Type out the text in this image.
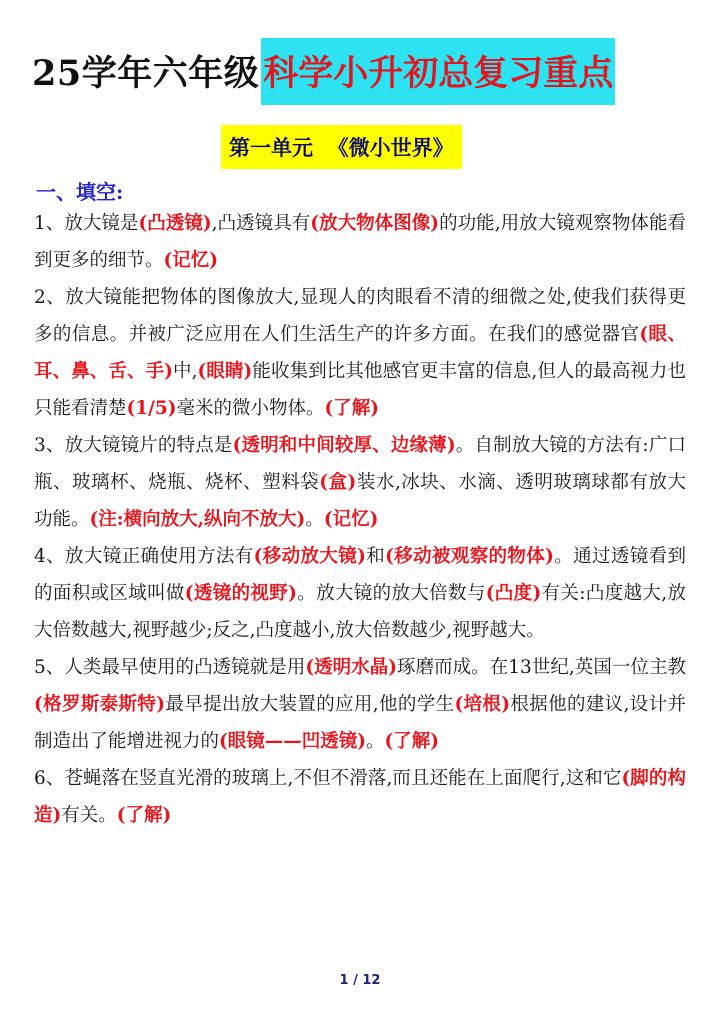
25学年六年级 科学小升初总复习重点
第一单元  《微小世界》
一、填空:

1、放大镜是(凸透镜),凸透镜具有(放大物体图像)的功能,用放大镜观察物体能看到更多的细节。(记忆)

2、放大镜能把物体的图像放大,显现人的肉眼看不清的细微之处,使我们获得更多的信息。并被广泛应用在人们生活生产的许多方面。在我们的感觉器官(眼、耳、鼻、舌、手)中,(眼睛)能收集到比其他感官更丰富的信息,但人的最高视力也只能看清楚(1/5)毫米的微小物体。(了解)

3、放大镜镜片的特点是(透明和中间较厚、边缘薄)。自制放大镜的方法有:广口瓶、玻璃杯、烧瓶、烧杯、塑料袋(盒)装水,冰块、水滴、透明玻璃球都有放大功能。(注:横向放大,纵向不放大)。(记忆)

4、放大镜正确使用方法有(移动放大镜)和(移动被观察的物体)。通过透镜看到的面积或区域叫做(透镜的视野)。放大镜的放大倍数与(凸度)有关:凸度越大,放大倍数越大,视野越少;反之,凸度越小,放大倍数越少,视野越大。

5、人类最早使用的凸透镜就是用(透明水晶)琢磨而成。在13世纪,英国一位主教(格罗斯泰斯特)最早提出放大装置的应用,他的学生(培根)根据他的建议,设计并制造出了能增进视力的(眼镜——凹透镜)。(了解)

6、苍蝇落在竖直光滑的玻璃上,不但不滑落,而且还能在上面爬行,这和它(脚的构造)有关。(了解)

1 / 12
